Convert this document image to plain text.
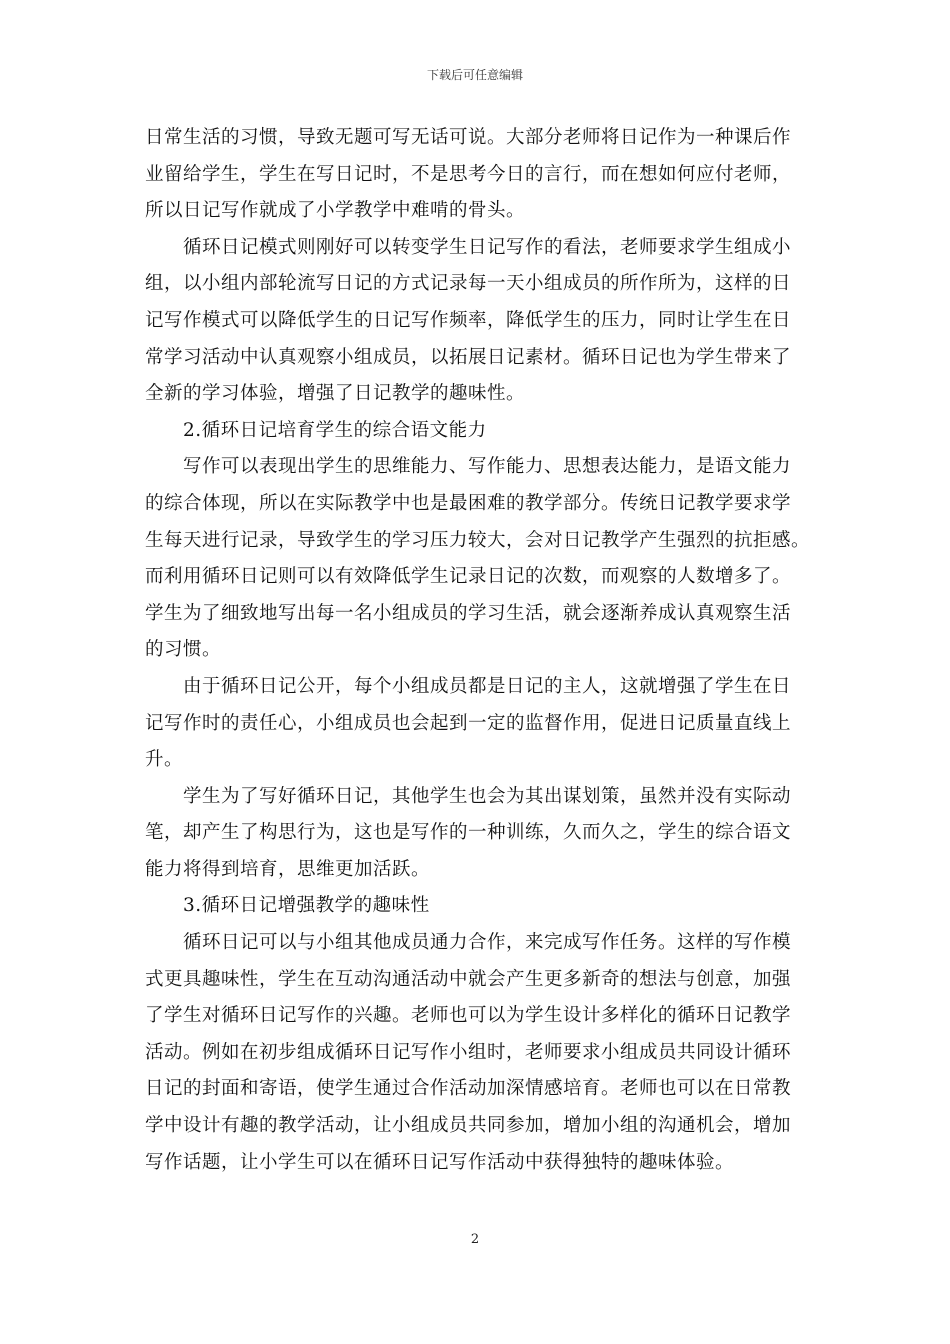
下载后可任意编辑
日常生活的习惯，导致无题可写无话可说。大部分老师将日记作为一种课后作
业留给学生，学生在写日记时，不是思考今日的言行，而在想如何应付老师，
所以日记写作就成了小学教学中难啃的骨头。
循环日记模式则刚好可以转变学生日记写作的看法，老师要求学生组成小
组，以小组内部轮流写日记的方式记录每一天小组成员的所作所为，这样的日
记写作模式可以降低学生的日记写作频率，降低学生的压力，同时让学生在日
常学习活动中认真观察小组成员，以拓展日记素材。循环日记也为学生带来了
全新的学习体验，增强了日记教学的趣味性。
2.循环日记培育学生的综合语文能力
写作可以表现出学生的思维能力、写作能力、思想表达能力，是语文能力
的综合体现，所以在实际教学中也是最困难的教学部分。传统日记教学要求学
生每天进行记录，导致学生的学习压力较大，会对日记教学产生强烈的抗拒感。
而利用循环日记则可以有效降低学生记录日记的次数，而观察的人数增多了。
学生为了细致地写出每一名小组成员的学习生活，就会逐渐养成认真观察生活
的习惯。
由于循环日记公开，每个小组成员都是日记的主人，这就增强了学生在日
记写作时的责任心，小组成员也会起到一定的监督作用，促进日记质量直线上
升。
学生为了写好循环日记，其他学生也会为其出谋划策，虽然并没有实际动
笔，却产生了构思行为，这也是写作的一种训练，久而久之，学生的综合语文
能力将得到培育，思维更加活跃。
3.循环日记增强教学的趣味性
循环日记可以与小组其他成员通力合作，来完成写作任务。这样的写作模
式更具趣味性，学生在互动沟通活动中就会产生更多新奇的想法与创意，加强
了学生对循环日记写作的兴趣。老师也可以为学生设计多样化的循环日记教学
活动。例如在初步组成循环日记写作小组时，老师要求小组成员共同设计循环
日记的封面和寄语，使学生通过合作活动加深情感培育。老师也可以在日常教
学中设计有趣的教学活动，让小组成员共同参加，增加小组的沟通机会，增加
写作话题，让小学生可以在循环日记写作活动中获得独特的趣味体验。
2
